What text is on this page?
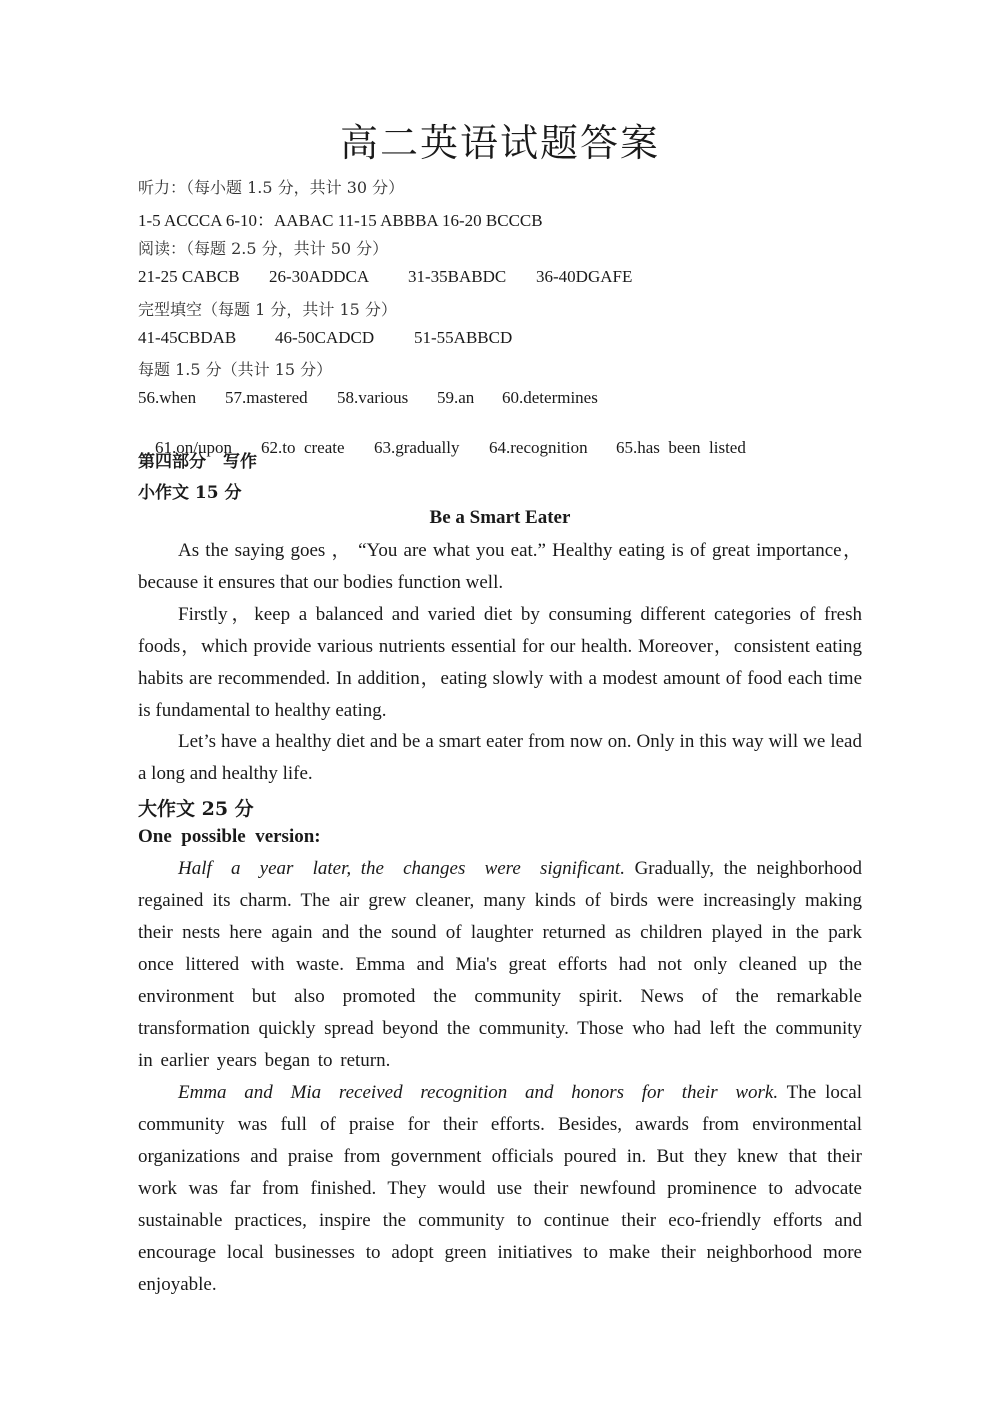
高二英语试题答案
听力：（每小题 1.5 分，共计 30 分）
1-5 ACCCA 6-10：AABAC 11-15 ABBBA 16-20 BCCCB
阅读：（每题 2.5 分，共计 50 分）
21-25 CABCB 26-30ADDCA 31-35BABDC 36-40DGAFE
完型填空（每题 1 分，共计 15 分）
41-45CBDAB 46-50CADCD 51-55ABBCD
每题 1.5 分（共计 15 分）
56.when 57.mastered 58.various 59.an 60.determines

61.on/upon 62.to  create 63.gradually 64.recognition 65.has  been  listed

第四部分　写作
小作文 15 分
Be a Smart Eater
As the saying goes ， “You are what you eat.” Healthy eating is of great importance，because it ensures that our bodies function well.
Firstly，keep a balanced and varied diet by consuming different categories of fresh foods，which provide various nutrients essential for our health. Moreover，consistent eating habits are recommended. In addition，eating slowly with a modest amount of food each time is fundamental to healthy eating.
Let’s have a healthy diet and be a smart eater from now on. Only in this way will we lead a long and healthy life.
大作文 25 分
One  possible  version:
Half  a  year  later, the  changes  were  significant. Gradually, the neighborhood regained its charm. The air grew cleaner, many kinds of birds were increasingly making their nests here again and the sound of laughter returned as children played in the park once littered with waste. Emma and Mia's great efforts had not only cleaned up the environment but also promoted the community spirit. News of the remarkable transformation quickly spread beyond the community. Those who had left the community in earlier years began to return.
Emma  and  Mia  received  recognition  and  honors  for  their  work. The local community was full of praise for their efforts. Besides, awards from environmental organizations and praise from government officials poured in. But they knew that their work was far from finished. They would use their newfound prominence to advocate sustainable practices, inspire the community to continue their eco-friendly efforts and encourage local businesses to adopt green initiatives to make their neighborhood more enjoyable.
